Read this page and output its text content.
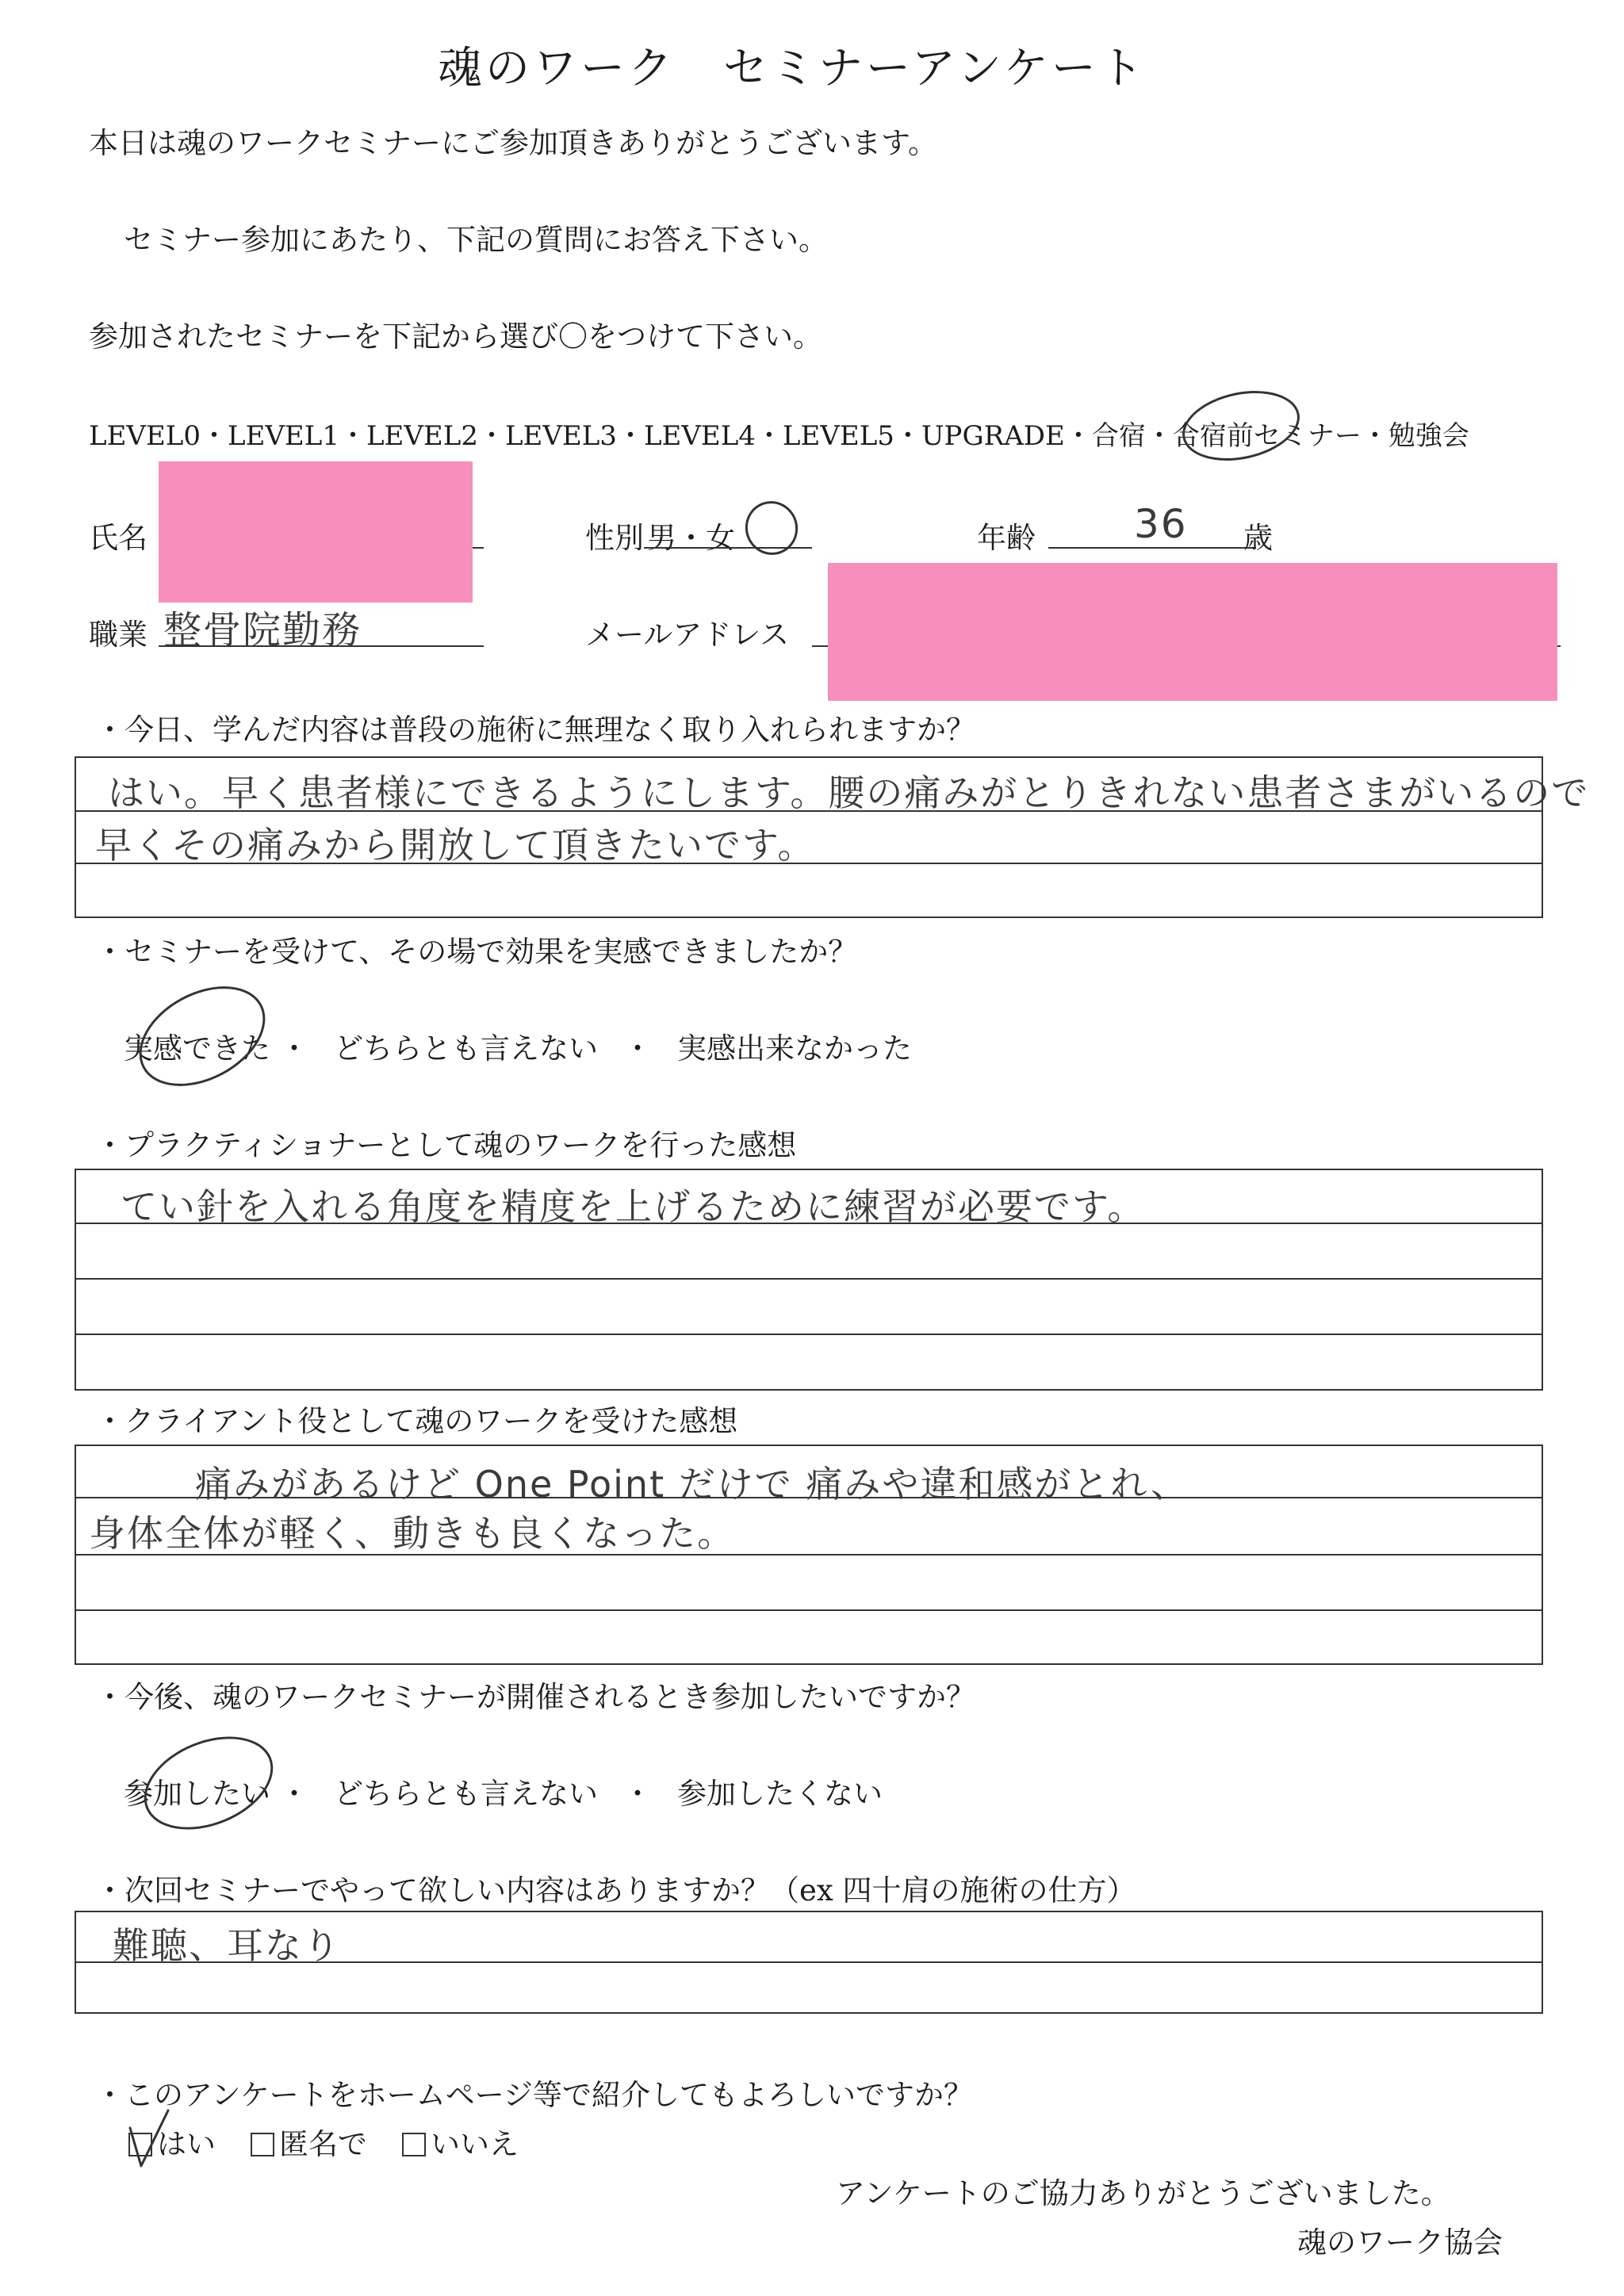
魂のワーク　セミナーアンケート
本日は魂のワークセミナーにご参加頂きありがとうございます。
セミナー参加にあたり、下記の質問にお答え下さい。
参加されたセミナーを下記から選び〇をつけて下さい。
LEVEL0・LEVEL1・LEVEL2・LEVEL3・LEVEL4・LEVEL5・UPGRADE・合宿・合宿前セミナー・勉強会
氏名	性別 男・女	年齢 36 歳
職業 整骨院勤務	メールアドレス
・今日、学んだ内容は普段の施術に無理なく取り入れられますか？
はい。早く患者様にできるようにします。腰の痛みがとりきれない患者さまがいるので
早くその痛みから開放して頂きたいです。
・セミナーを受けて、その場で効果を実感できましたか？
実感できた ・ どちらとも言えない ・ 実感出来なかった
・プラクティショナーとして魂のワークを行った感想
てい針を入れる角度を精度を上げるために練習が必要です。
・クライアント役として魂のワークを受けた感想
痛みがあるけど One Point だけで 痛みや違和感がとれ、
身体全体が軽く、動きも良くなった。
・今後、魂のワークセミナーが開催されるとき参加したいですか？
参加したい ・ どちらとも言えない ・ 参加したくない
・次回セミナーでやって欲しい内容はありますか？（ex 四十肩の施術の仕方）
難聴、耳なり
・このアンケートをホームページ等で紹介してもよろしいですか？
はい 匿名で いいえ
アンケートのご協力ありがとうございました。
魂のワーク協会
